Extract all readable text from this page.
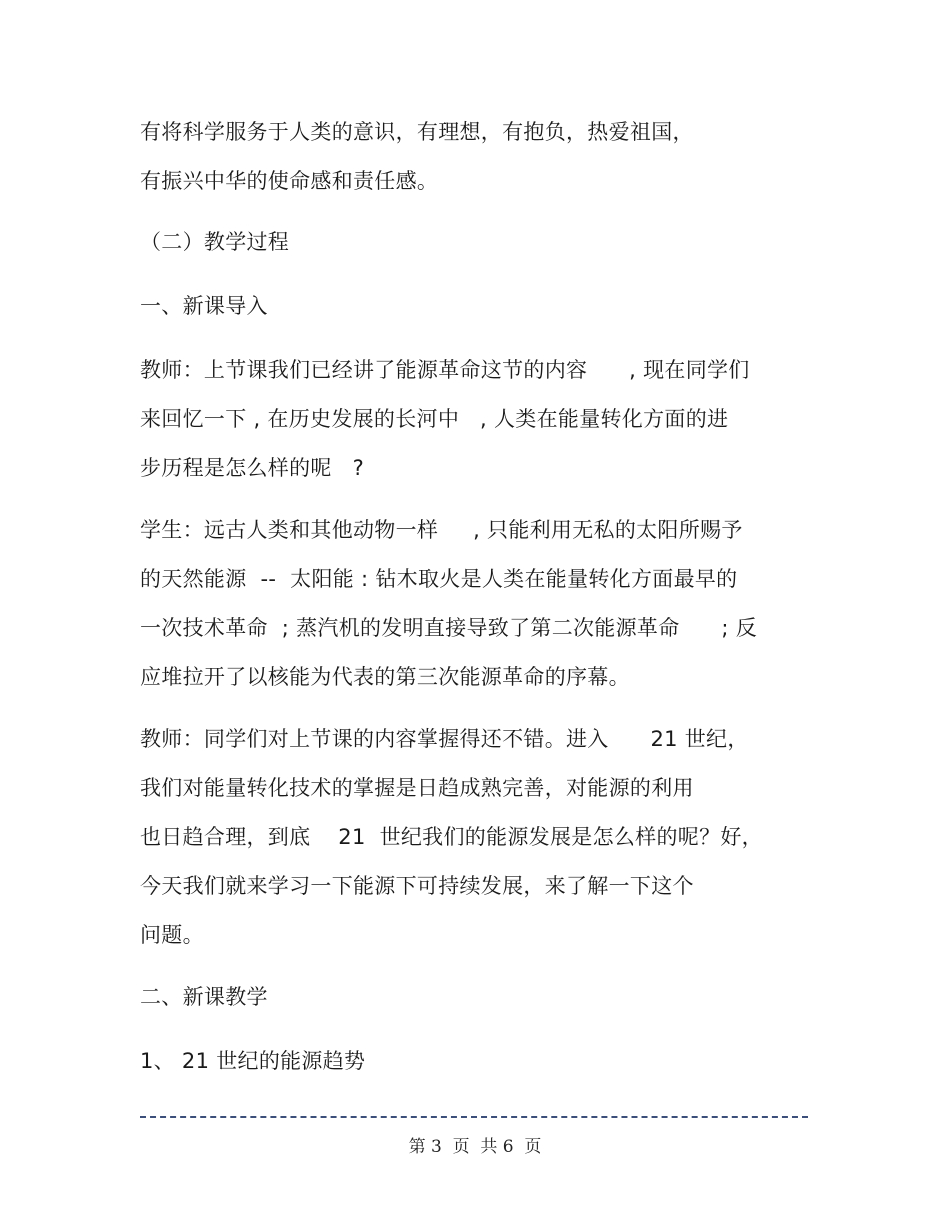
有将科学服务于人类的意识，有理想，有抱负，热爱祖国，
有振兴中华的使命感和责任感。
（二）教学过程
一、新课导入
教师：上节课我们已经讲了能源革命这节的内容      , 现在同学们
来回忆一下 , 在历史发展的长河中   , 人类在能量转化方面的进
步历程是怎么样的呢   ?
学生：远古人类和其他动物一样     , 只能利用无私的太阳所赐予
的天然能源  --  太阳能 : 钻木取火是人类在能量转化方面最早的
一次技术革命  ; 蒸汽机的发明直接导致了第二次能源革命      ; 反
应堆拉开了以核能为代表的第三次能源革命的序幕。
教师：同学们对上节课的内容掌握得还不错。进入      21 世纪，
我们对能量转化技术的掌握是日趋成熟完善，对能源的利用
也日趋合理，到底    21  世纪我们的能源发展是怎么样的呢？好，
今天我们就来学习一下能源下可持续发展，来了解一下这个
问题。
二、新课教学
1、 21 世纪的能源趋势
第 3  页  共 6  页
